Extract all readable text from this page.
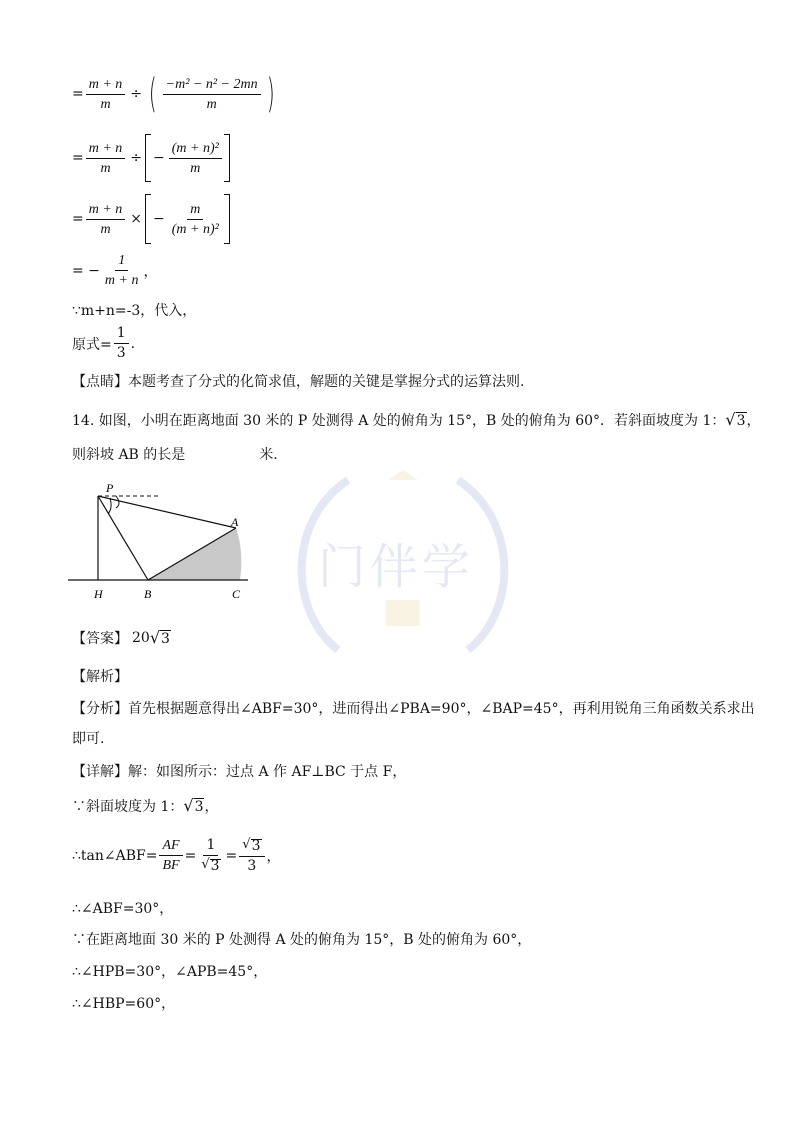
门伴学
= $\frac{m + n}{m}$ ÷ ( $\frac{\text{−m² − n² − 2mn}}{m}$ )
= $\frac{m + n}{m}$ ÷ − $\frac{\text{(m + n)²}}{m}$
= $\frac{m + n}{m}$ × − $\frac{m}{\text{(m + n)²}}$
= − $\frac{1}{m + n}$ ，
∵m+n=-3，代入，
原式= $\frac{1}{3}$ .
【点睛】本题考查了分式的化简求值，解题的关键是掌握分式的运算法则.
14. 如图，小明在距离地面 30 米的 P 处测得 A 处的俯角为 15°，B 处的俯角为 60°．若斜面坡度为 1： √ 3 ，
则斜坡 AB 的长是	米.
P
A
H	B	C
【答案】 20 √ 3
【解析】
【分析】首先根据题意得出∠ABF=30°，进而得出∠PBA=90°，∠BAP=45°，再利用锐角三角函数关系求出
即可.
【详解】解：如图所示：过点 A 作 AF⊥BC 于点 F，
∵斜面坡度为 1： √ 3 ，
∴tan∠ABF= $\frac{AF}{BF} = \frac{1}{√ 3} = \frac{√ 3}{3}$ ，
∴∠ABF=30°，
∵在距离地面 30 米的 P 处测得 A 处的俯角为 15°，B 处的俯角为 60°，
∴∠HPB=30°，∠APB=45°，
∴∠HBP=60°，
